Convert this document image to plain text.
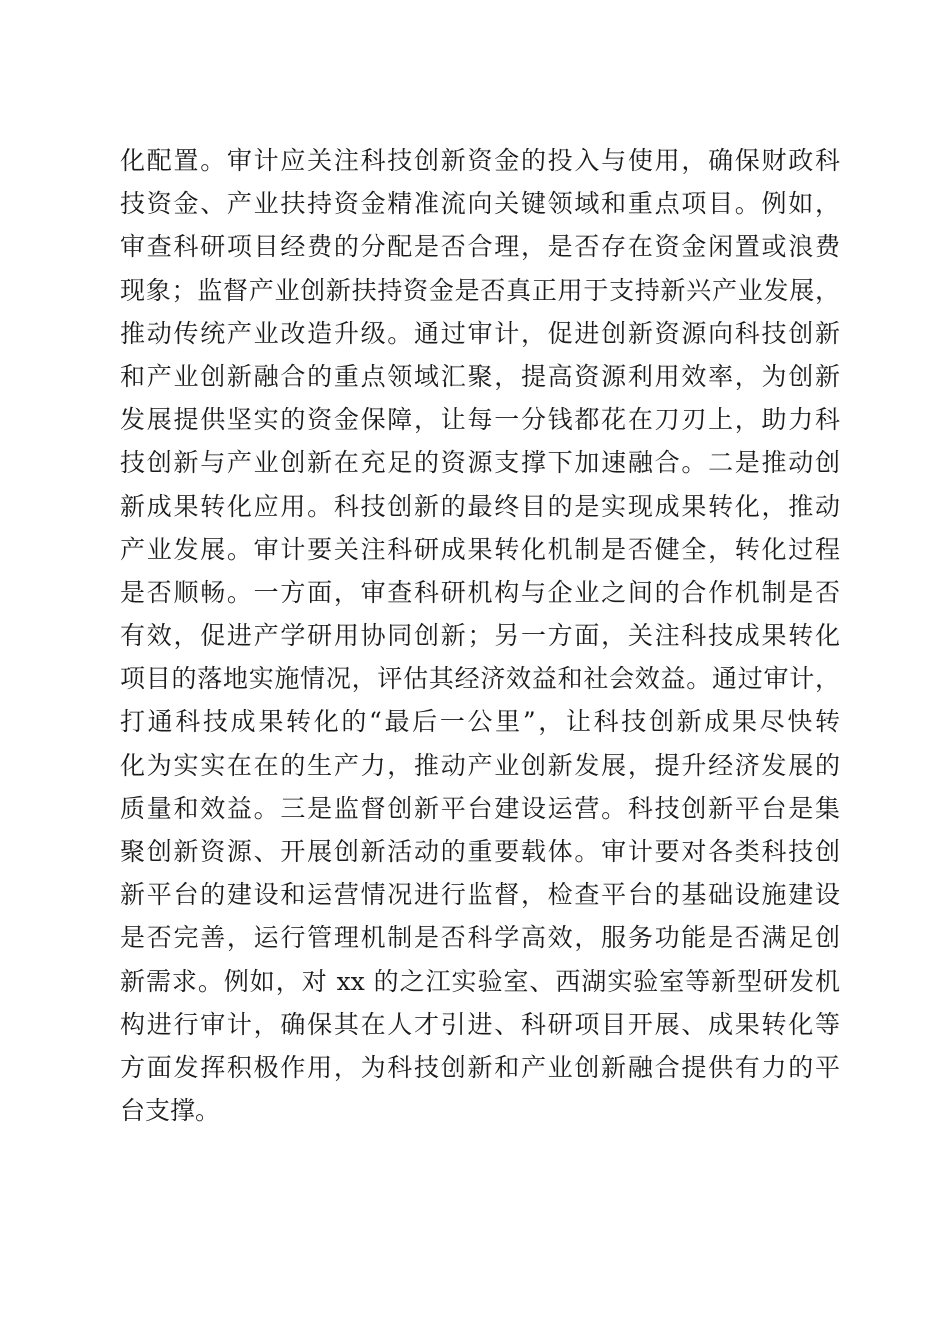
化配置。审计应关注科技创新资金的投入与使用，确保财政科
技资金、产业扶持资金精准流向关键领域和重点项目。例如，
审查科研项目经费的分配是否合理，是否存在资金闲置或浪费
现象；监督产业创新扶持资金是否真正用于支持新兴产业发展，
推动传统产业改造升级。通过审计，促进创新资源向科技创新
和产业创新融合的重点领域汇聚，提高资源利用效率，为创新
发展提供坚实的资金保障，让每一分钱都花在刀刃上，助力科
技创新与产业创新在充足的资源支撑下加速融合。二是推动创
新成果转化应用。科技创新的最终目的是实现成果转化，推动
产业发展。审计要关注科研成果转化机制是否健全，转化过程
是否顺畅。一方面，审查科研机构与企业之间的合作机制是否
有效，促进产学研用协同创新；另一方面，关注科技成果转化
项目的落地实施情况，评估其经济效益和社会效益。通过审计，
打通科技成果转化的“最后一公里”，让科技创新成果尽快转
化为实实在在的生产力，推动产业创新发展，提升经济发展的
质量和效益。三是监督创新平台建设运营。科技创新平台是集
聚创新资源、开展创新活动的重要载体。审计要对各类科技创
新平台的建设和运营情况进行监督，检查平台的基础设施建设
是否完善，运行管理机制是否科学高效，服务功能是否满足创
新需求。例如，对 xx 的之江实验室、西湖实验室等新型研发机
构进行审计，确保其在人才引进、科研项目开展、成果转化等
方面发挥积极作用，为科技创新和产业创新融合提供有力的平
台支撑。
